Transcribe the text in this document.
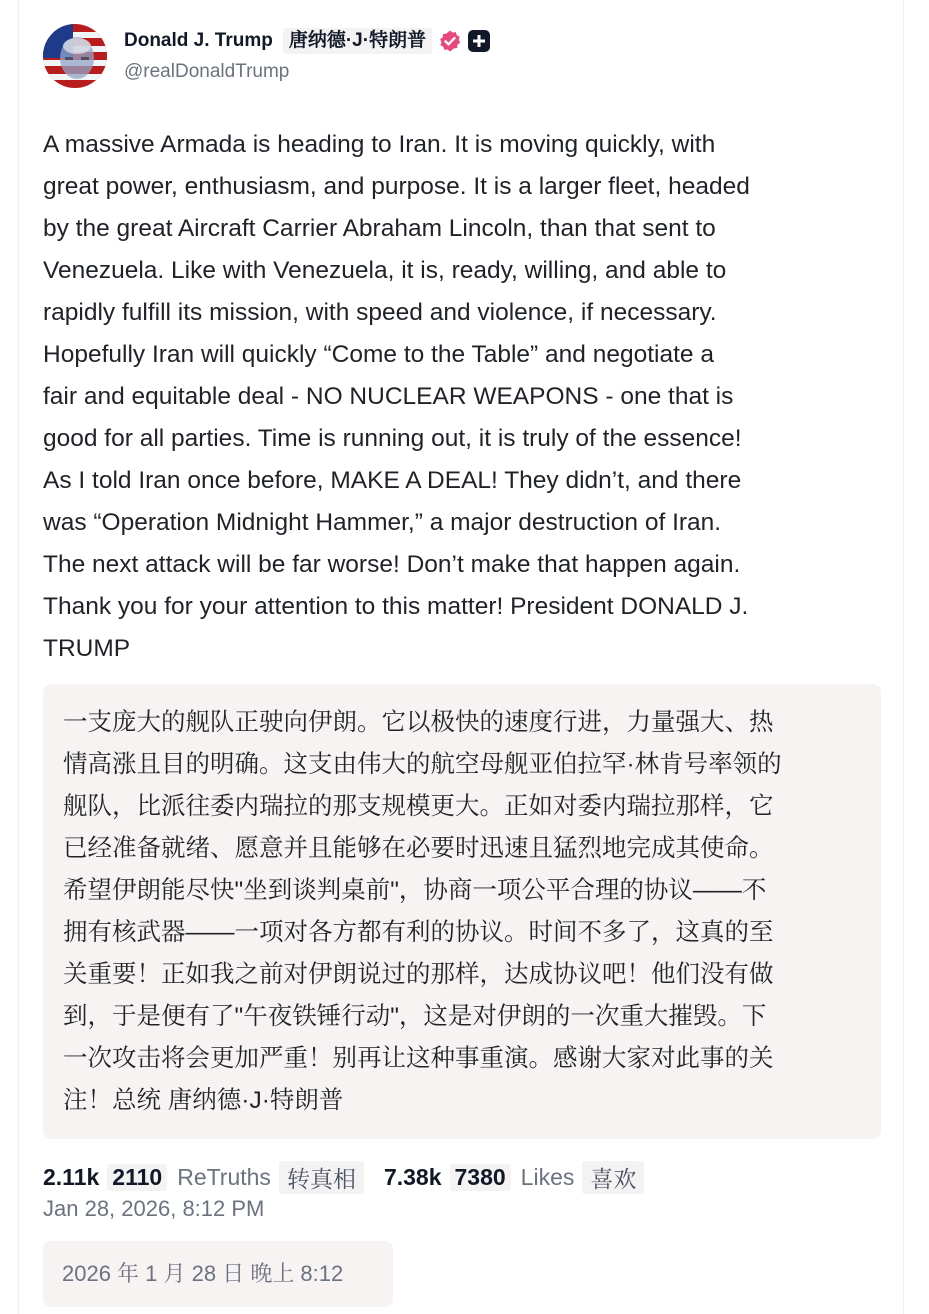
Donald J. Trump 唐纳德·J·特朗普
@realDonaldTrump

A massive Armada is heading to Iran. It is moving quickly, with
great power, enthusiasm, and purpose. It is a larger fleet, headed
by the great Aircraft Carrier Abraham Lincoln, than that sent to
Venezuela. Like with Venezuela, it is, ready, willing, and able to
rapidly fulfill its mission, with speed and violence, if necessary.
Hopefully Iran will quickly “Come to the Table” and negotiate a
fair and equitable deal - NO NUCLEAR WEAPONS - one that is
good for all parties. Time is running out, it is truly of the essence!
As I told Iran once before, MAKE A DEAL! They didn’t, and there
was “Operation Midnight Hammer,” a major destruction of Iran.
The next attack will be far worse! Don’t make that happen again.
Thank you for your attention to this matter! President DONALD J.
TRUMP

一支庞大的舰队正驶向伊朗。它以极快的速度行进，力量强大、热
情高涨且目的明确。这支由伟大的航空母舰亚伯拉罕·林肯号率领的
舰队，比派往委内瑞拉的那支规模更大。正如对委内瑞拉那样，它
已经准备就绪、愿意并且能够在必要时迅速且猛烈地完成其使命。
希望伊朗能尽快"坐到谈判桌前"，协商一项公平合理的协议——不
拥有核武器——一项对各方都有利的协议。时间不多了，这真的至
关重要！正如我之前对伊朗说过的那样，达成协议吧！他们没有做
到，于是便有了"午夜铁锤行动"，这是对伊朗的一次重大摧毁。下
一次攻击将会更加严重！别再让这种事重演。感谢大家对此事的关
注！总统 唐纳德·J·特朗普

2.11k 2110 ReTruths 转真相	7.38k 7380 Likes 喜欢
Jan 28, 2026, 8:12 PM
2026 年 1 月 28 日 晚上 8:12
